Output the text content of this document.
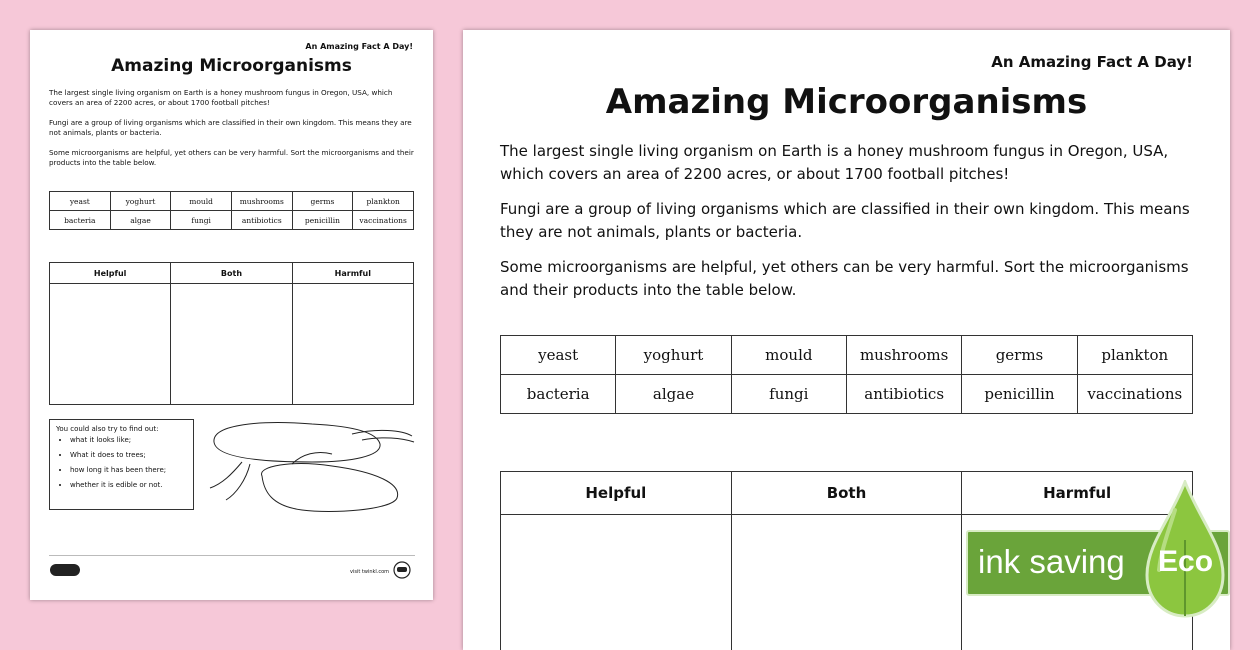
An Amazing Fact A Day!
Amazing Microorganisms

The largest single living organism on Earth is a honey mushroom fungus in Oregon, USA, which covers an area of 2200 acres, or about 1700 football pitches!

Fungi are a group of living organisms which are classified in their own kingdom. This means they are not animals, plants or bacteria.

Some microorganisms are helpful, yet others can be very harmful. Sort the microorganisms and their products into the table below.

yeast	yoghurt	mould	mushrooms	germs	plankton
bacteria	algae	fungi	antibiotics	penicillin	vaccinations
Helpful	Both	Harmful

You could also try to find out:

• what it looks like;
• What it does to trees;
• how long it has been there;
• whether it is edible or not.
visit twinkl.com
An Amazing Fact A Day!
Amazing Microorganisms

The largest single living organism on Earth is a honey mushroom fungus in Oregon, USA, which covers an area of 2200 acres, or about 1700 football pitches!

Fungi are a group of living organisms which are classified in their own kingdom. This means they are not animals, plants or bacteria.

Some microorganisms are helpful, yet others can be very harmful. Sort the microorganisms and their products into the table below.

yeast	yoghurt	mould	mushrooms	germs	plankton
bacteria	algae	fungi	antibiotics	penicillin	vaccinations
Helpful	Both	Harmful

ink saving Eco
